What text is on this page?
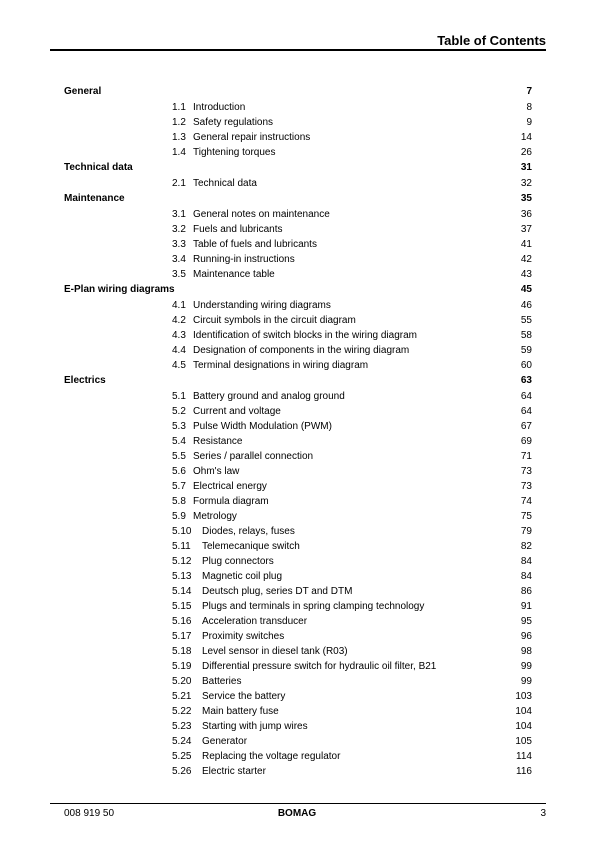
Table of Contents
General	7
1.1 Introduction	8
1.2 Safety regulations	9
1.3 General repair instructions	14
1.4 Tightening torques	26
Technical data	31
2.1 Technical data	32
Maintenance	35
3.1 General notes on maintenance	36
3.2 Fuels and lubricants	37
3.3 Table of fuels and lubricants	41
3.4 Running-in instructions	42
3.5 Maintenance table	43
E-Plan wiring diagrams	45
4.1 Understanding wiring diagrams	46
4.2 Circuit symbols in the circuit diagram	55
4.3 Identification of switch blocks in the wiring diagram	58
4.4 Designation of components in the wiring diagram	59
4.5 Terminal designations in wiring diagram	60
Electrics	63
5.1 Battery ground and analog ground	64
5.2 Current and voltage	64
5.3 Pulse Width Modulation (PWM)	67
5.4 Resistance	69
5.5 Series / parallel connection	71
5.6 Ohm's law	73
5.7 Electrical energy	73
5.8 Formula diagram	74
5.9 Metrology	75
5.10 Diodes, relays, fuses	79
5.11 Telemecanique switch	82
5.12 Plug connectors	84
5.13 Magnetic coil plug	84
5.14 Deutsch plug, series DT and DTM	86
5.15 Plugs and terminals in spring clamping technology	91
5.16 Acceleration transducer	95
5.17 Proximity switches	96
5.18 Level sensor in diesel tank (R03)	98
5.19 Differential pressure switch for hydraulic oil filter, B21	99
5.20 Batteries	99
5.21 Service the battery	103
5.22 Main battery fuse	104
5.23 Starting with jump wires	104
5.24 Generator	105
5.25 Replacing the voltage regulator	114
5.26 Electric starter	116
008 919 50	BOMAG	3
